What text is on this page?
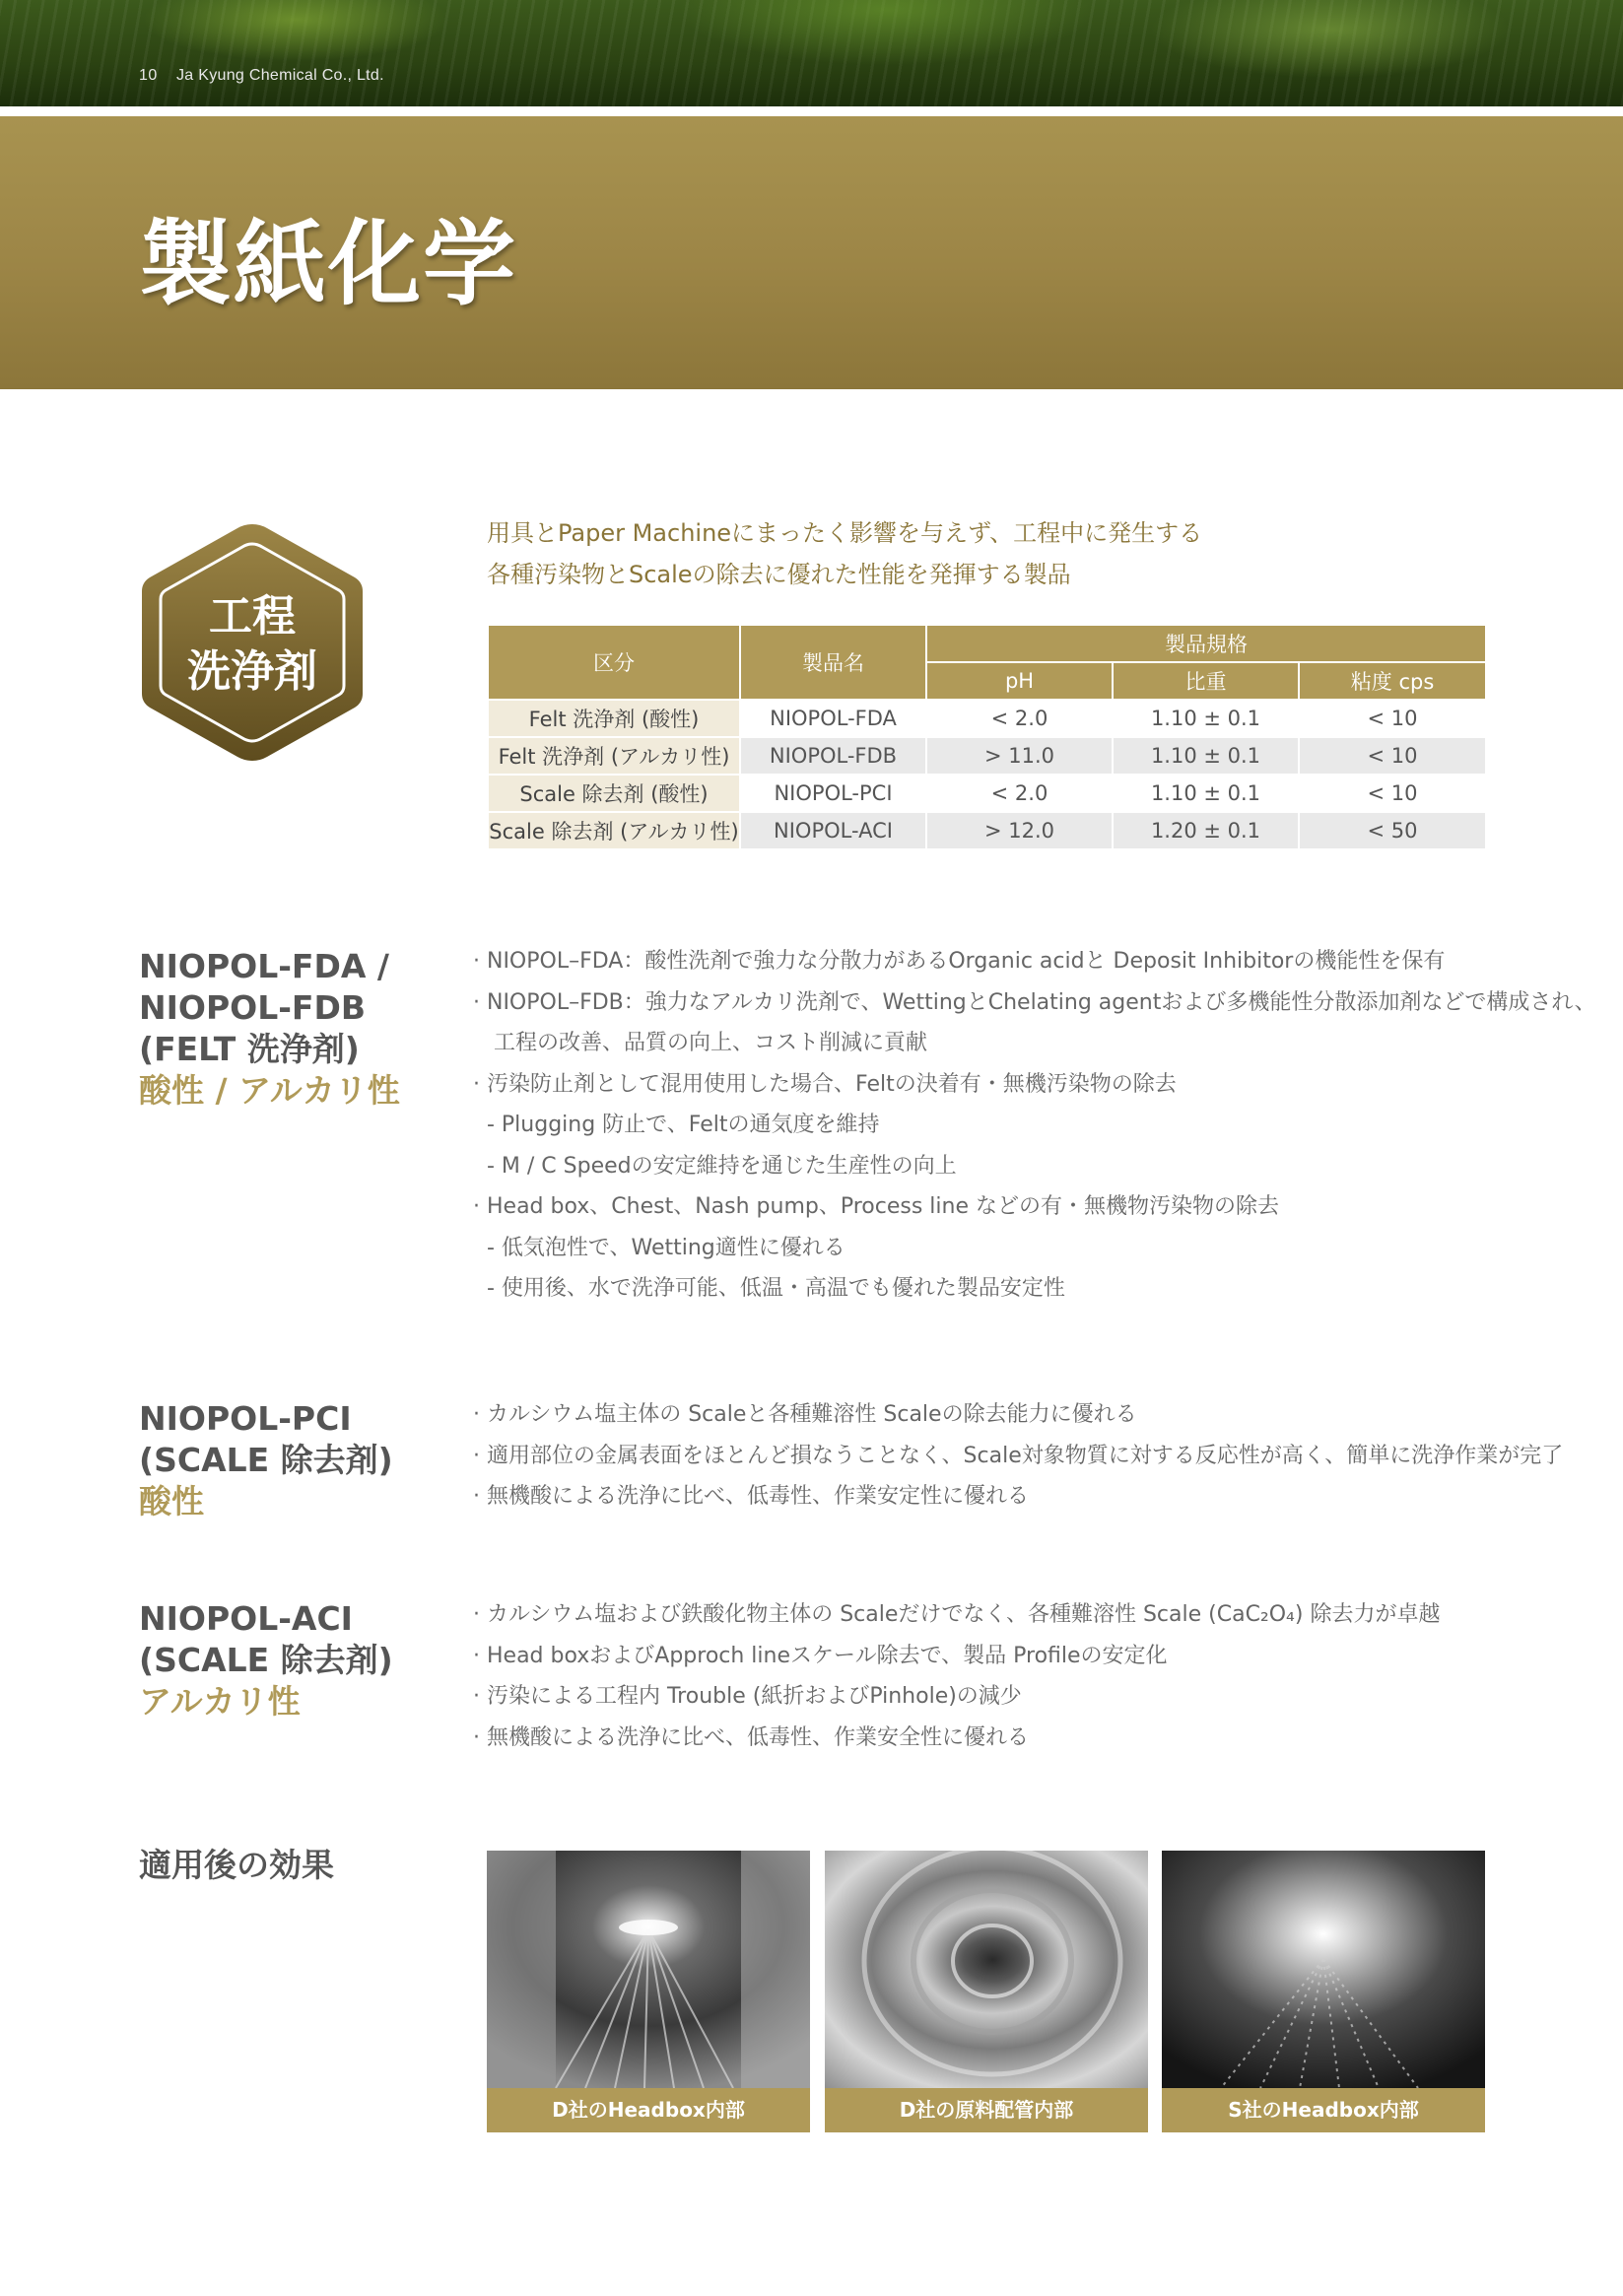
10 Ja Kyung Chemical Co., Ltd.
製紙化学
工程
洗浄剤
用具とPaper Machineにまったく影響を与えず、工程中に発生する
各種汚染物とScaleの除去に優れた性能を発揮する製品
区分	製品名	製品規格		
		pH	比重	粘度 cps
Felt 洗浄剤 (酸性)	NIOPOL-FDA	< 2.0	1.10 ± 0.1	< 10
Felt 洗浄剤 (アルカリ性)	NIOPOL-FDB	> 11.0	1.10 ± 0.1	< 10
Scale 除去剤 (酸性)	NIOPOL-PCI	< 2.0	1.10 ± 0.1	< 10
Scale 除去剤 (アルカリ性)	NIOPOL-ACI	> 12.0	1.20 ± 0.1	< 50
NIOPOL-FDA /
NIOPOL-FDB
(FELT 洗浄剤)
酸性 / アルカリ性
· NIOPOL–FDA：酸性洗剤で強力な分散力があるOrganic acidと Deposit Inhibitorの機能性を保有
· NIOPOL–FDB：強力なアルカリ洗剤で、WettingとChelating agentおよび多機能性分散添加剤などで構成され、
工程の改善、品質の向上、コスト削減に貢献
· 汚染防止剤として混用使用した場合、Feltの決着有・無機汚染物の除去
- Plugging 防止で、Feltの通気度を維持
- M / C Speedの安定維持を通じた生産性の向上
· Head box、Chest、Nash pump、Process line などの有・無機物汚染物の除去
- 低気泡性で、Wetting適性に優れる
- 使用後、水で洗浄可能、低温・高温でも優れた製品安定性
NIOPOL-PCI
(SCALE 除去剤)
酸性
· カルシウム塩主体の Scaleと各種難溶性 Scaleの除去能力に優れる
· 適用部位の金属表面をほとんど損なうことなく、Scale対象物質に対する反応性が高く、簡単に洗浄作業が完了
· 無機酸による洗浄に比べ、低毒性、作業安定性に優れる
NIOPOL-ACI
(SCALE 除去剤)
アルカリ性
· カルシウム塩および鉄酸化物主体の Scaleだけでなく、各種難溶性 Scale (CaC₂O₄) 除去力が卓越
· Head boxおよびApproch lineスケール除去で、製品 Profileの安定化
· 汚染による工程内 Trouble (紙折およびPinhole)の減少
· 無機酸による洗浄に比べ、低毒性、作業安全性に優れる
適用後の効果
D社のHeadbox内部	D社の原料配管内部	S社のHeadbox内部
